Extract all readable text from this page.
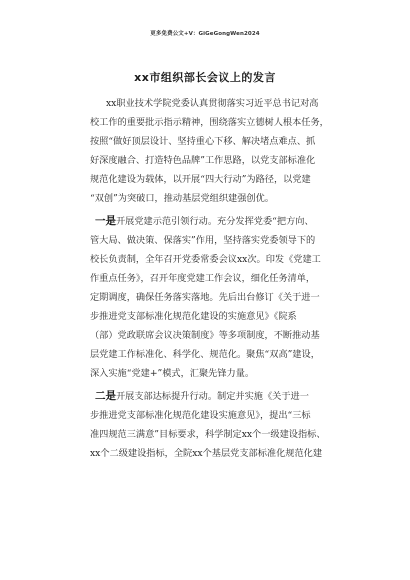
更多免费公文+V：GiGeGongWen2024
xx市组织部长会议上的发言
xx职业技术学院党委认真贯彻落实习近平总书记对高
校工作的重要批示指示精神，围绕落实立德树人根本任务，
按照“做好顶层设计、坚持重心下移、解决堵点难点、抓
好深度融合、打造特色品牌”工作思路，以党支部标准化
规范化建设为载体，以开展“四大行动”为路径，以党建
“双创”为突破口，推动基层党组织建强创优。
一是开展党建示范引领行动。充分发挥党委“把方向、
管大局、做决策、保落实”作用，坚持落实党委领导下的
校长负责制，全年召开党委常委会议xx次。印发《党建工
作重点任务》，召开年度党建工作会议，细化任务清单，
定期调度，确保任务落实落地。先后出台修订《关于进一
步推进党支部标准化规范化建设的实施意见》《院系
（部）党政联席会议决策制度》等多项制度，不断推动基
层党建工作标准化、科学化、规范化。聚焦“双高”建设，
深入实施“党建+”模式，汇聚先锋力量。
二是开展支部达标提升行动。制定并实施《关于进一
步推进党支部标准化规范化建设实施意见》，提出“三标
准四规范三满意”目标要求，科学制定xx个一级建设指标、
xx个二级建设指标，全院xx个基层党支部标准化规范化建
